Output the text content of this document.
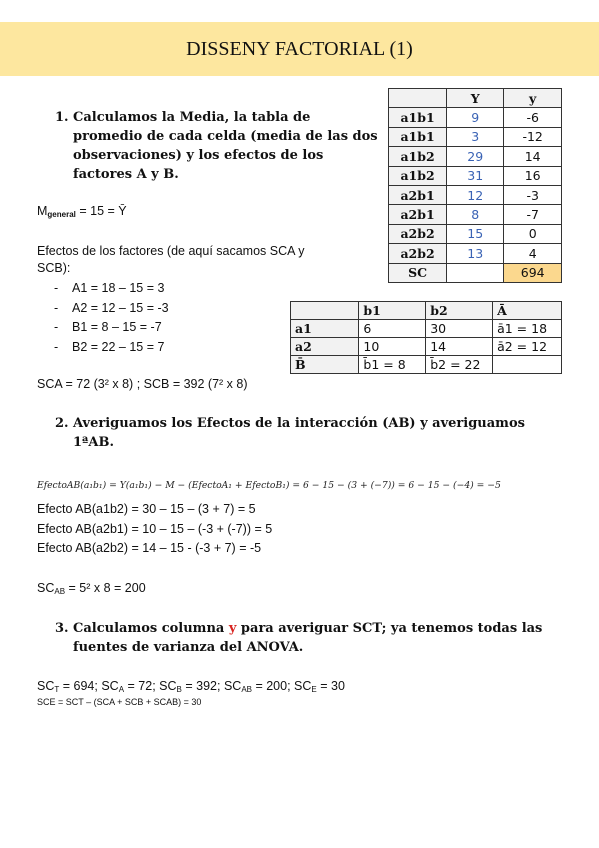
DISSENY FACTORIAL (1)
1. Calculamos la Media, la tabla de
promedio de cada celda (media de las dos
observaciones) y los efectos de los
factores A y B.
Mgeneral = 15 = Ȳ
Efectos de los factores (de aquí sacamos SCA y
SCB):
- A1 = 18 – 15 = 3
- A2 = 12 – 15 = -3
- B1 = 8 – 15 = -7
- B2 = 22 – 15 = 7
SCA = 72 (3² x 8) ; SCB = 392 (7² x 8)
	Y	y
a1b1	9	-6
a1b1	3	-12
a1b2	29	14
a1b2	31	16
a2b1	12	-3
a2b1	8	-7
a2b2	15	0
a2b2	13	4
SC		694
	b1	b2	Ā
a1	6	30	ā1 = 18
a2	10	14	ā2 = 12
B̄	b̄1 = 8	b̄2 = 22	
2. Averiguamos los Efectos de la interacción (AB) y averiguamos
1ªAB.
EfectoAB(a₁b₁) = Y(a₁b₁) − M − (EfectoA₁ + EfectoB₁) = 6 − 15 − (3 + (−7)) = 6 − 15 − (−4) = −5
Efecto AB(a1b2) = 30 – 15 – (3 + 7) = 5
Efecto AB(a2b1) = 10 – 15 – (-3 + (-7)) = 5
Efecto AB(a2b2) = 14 – 15 - (-3 + 7) = -5
$SC_{AB} = 5^2$ x 8 = 200
3. Calculamos columna y para averiguar SCT; ya tenemos todas las
fuentes de varianza del ANOVA.
$SC_T = 694$; $SC_A = 72$; $SC_B = 392$; $SC_{AB} = 200$; $SC_E = 30$
SCE = SCT – (SCA + SCB + SCAB) = 30
